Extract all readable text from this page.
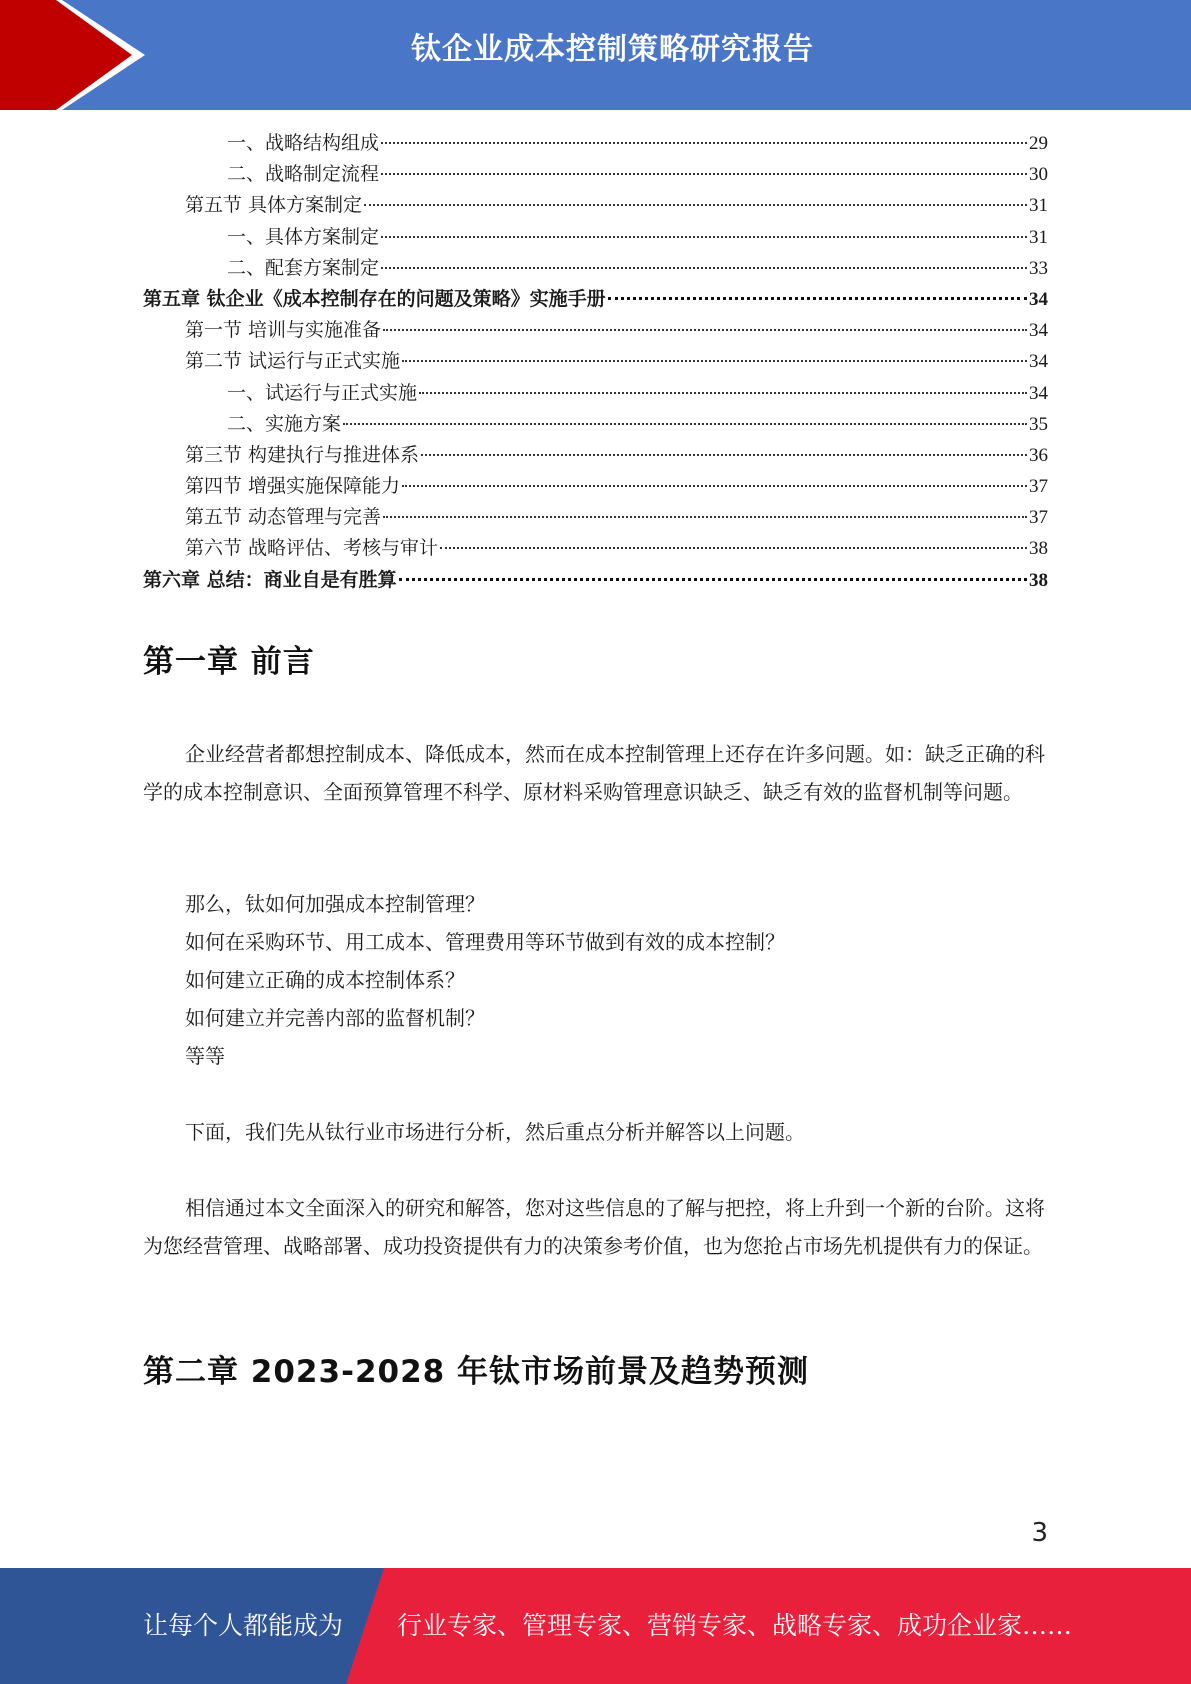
钛企业成本控制策略研究报告
一、战略结构组成	29
二、战略制定流程	30
第五节 具体方案制定	31
一、具体方案制定	31
二、配套方案制定	33
第五章 钛企业《成本控制存在的问题及策略》实施手册	34
第一节 培训与实施准备	34
第二节 试运行与正式实施	34
一、试运行与正式实施	34
二、实施方案	35
第三节 构建执行与推进体系	36
第四节 增强实施保障能力	37
第五节 动态管理与完善	37
第六节 战略评估、考核与审计	38
第六章 总结：商业自是有胜算	38
第一章 前言

企业经营者都想控制成本、降低成本，然而在成本控制管理上还存在许多问题。如：缺乏正确的科学的成本控制意识、全面预算管理不科学、原材料采购管理意识缺乏、缺乏有效的监督机制等问题。

那么，钛如何加强成本控制管理？

如何在采购环节、用工成本、管理费用等环节做到有效的成本控制？

如何建立正确的成本控制体系？

如何建立并完善内部的监督机制？

等等

下面，我们先从钛行业市场进行分析，然后重点分析并解答以上问题。

相信通过本文全面深入的研究和解答，您对这些信息的了解与把控，将上升到一个新的台阶。这将为您经营管理、战略部署、成功投资提供有力的决策参考价值，也为您抢占市场先机提供有力的保证。

第二章 2023-2028 年钛市场前景及趋势预测
3
让每个人都能成为 行业专家、管理专家、营销专家、战略专家、成功企业家……
